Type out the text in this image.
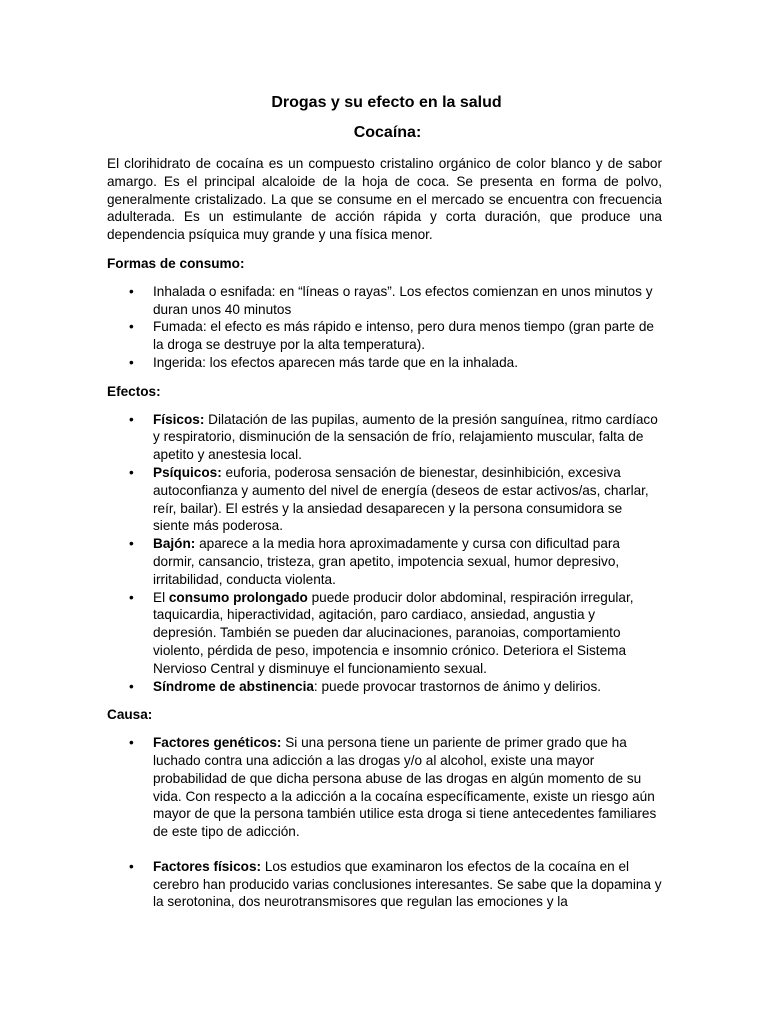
Drogas y su efecto en la salud
Cocaína:

El clorihidrato de cocaína es un compuesto cristalino orgánico de color blanco y de sabor amargo. Es el principal alcaloide de la hoja de coca. Se presenta en forma de polvo, generalmente cristalizado. La que se consume en el mercado se encuentra con frecuencia adulterada. Es un estimulante de acción rápida y corta duración, que produce una dependencia psíquica muy grande y una física menor.

Formas de consumo:

• Inhalada o esnifada: en “líneas o rayas”. Los efectos comienzan en unos minutos y duran unos 40 minutos
• Fumada: el efecto es más rápido e intenso, pero dura menos tiempo (gran parte de la droga se destruye por la alta temperatura).
• Ingerida: los efectos aparecen más tarde que en la inhalada.

Efectos:

• Físicos: Dilatación de las pupilas, aumento de la presión sanguínea, ritmo cardíaco y respiratorio, disminución de la sensación de frío, relajamiento muscular, falta de apetito y anestesia local.
• Psíquicos: euforia, poderosa sensación de bienestar, desinhibición, excesiva autoconfianza y aumento del nivel de energía (deseos de estar activos/as, charlar, reír, bailar). El estrés y la ansiedad desaparecen y la persona consumidora se siente más poderosa.
• Bajón: aparece a la media hora aproximadamente y cursa con dificultad para dormir, cansancio, tristeza, gran apetito, impotencia sexual, humor depresivo, irritabilidad, conducta violenta.
• El consumo prolongado puede producir dolor abdominal, respiración irregular, taquicardia, hiperactividad, agitación, paro cardiaco, ansiedad, angustia y depresión. También se pueden dar alucinaciones, paranoias, comportamiento violento, pérdida de peso, impotencia e insomnio crónico. Deteriora el Sistema Nervioso Central y disminuye el funcionamiento sexual.
• Síndrome de abstinencia: puede provocar trastornos de ánimo y delirios.

Causa:

• Factores genéticos: Si una persona tiene un pariente de primer grado que ha luchado contra una adicción a las drogas y/o al alcohol, existe una mayor probabilidad de que dicha persona abuse de las drogas en algún momento de su vida. Con respecto a la adicción a la cocaína específicamente, existe un riesgo aún mayor de que la persona también utilice esta droga si tiene antecedentes familiares de este tipo de adicción.
• Factores físicos: Los estudios que examinaron los efectos de la cocaína en el cerebro han producido varias conclusiones interesantes. Se sabe que la dopamina y la serotonina, dos neurotransmisores que regulan las emociones y la
